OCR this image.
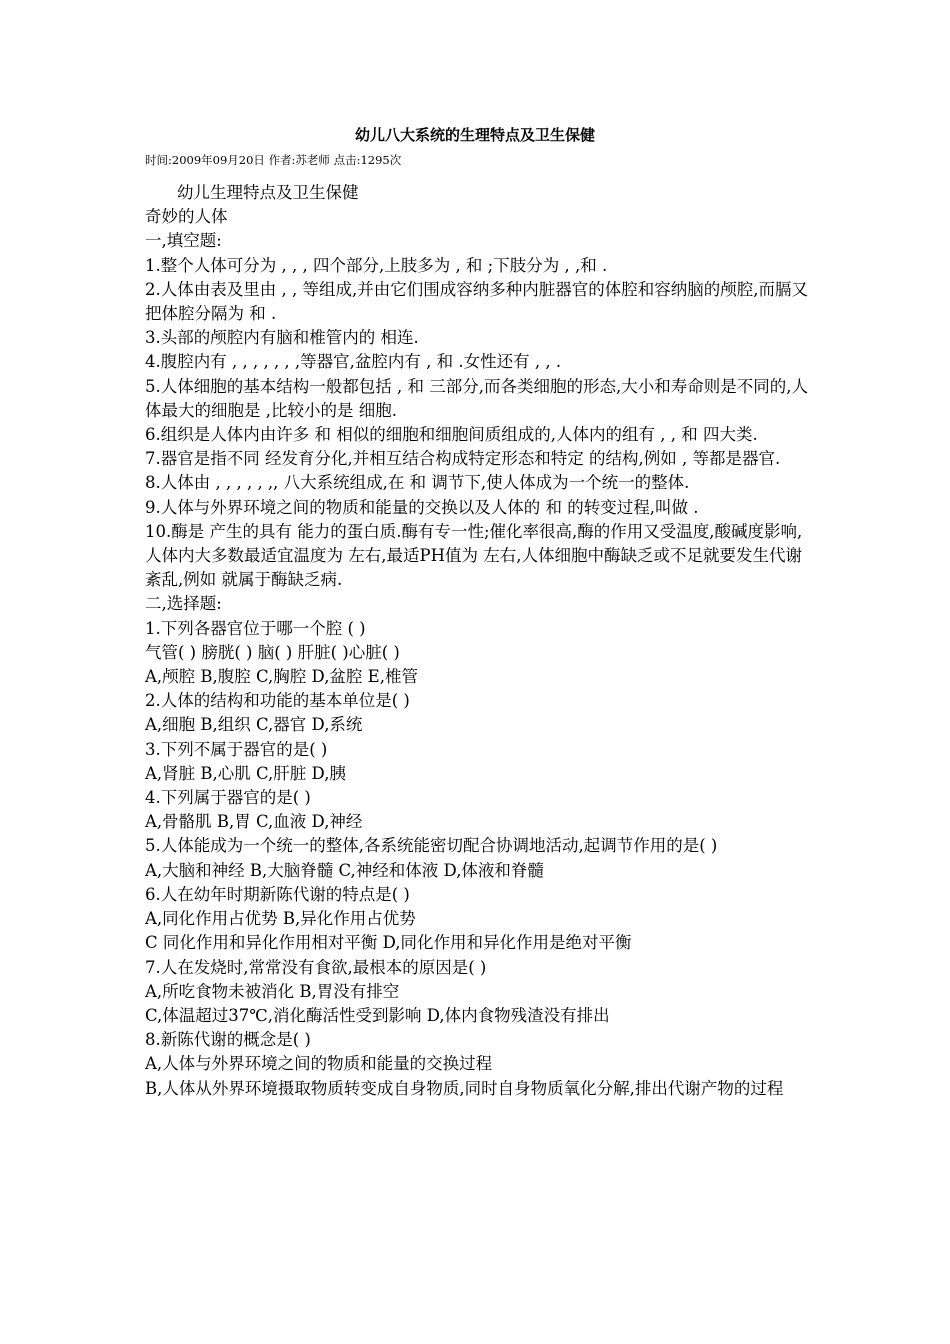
幼儿八大系统的生理特点及卫生保健
时间:2009年09月20日 作者:苏老师 点击:1295次
幼儿生理特点及卫生保健
奇妙的人体
一,填空题:
1.整个人体可分为 , , , 四个部分,上肢多为 , 和 ;下肢分为 , ,和 .
2.人体由表及里由 , , 等组成,并由它们围成容纳多种内脏器官的体腔和容纳脑的颅腔,而膈又把体腔分隔为 和 .
3.头部的颅腔内有脑和椎管内的 相连.
4.腹腔内有 , , , , , , ,等器官,盆腔内有 , 和 .女性还有 , , .
5.人体细胞的基本结构一般都包括 , 和 三部分,而各类细胞的形态,大小和寿命则是不同的,人体最大的细胞是 ,比较小的是 细胞.
6.组织是人体内由许多 和 相似的细胞和细胞间质组成的,人体内的组有 , , 和 四大类.
7.器官是指不同 经发育分化,并相互结合构成特定形态和特定 的结构,例如 , 等都是器官.
8.人体由 , , , , , ,, 八大系统组成,在 和 调节下,使人体成为一个统一的整体.
9.人体与外界环境之间的物质和能量的交换以及人体的 和 的转变过程,叫做 .
10.酶是 产生的具有 能力的蛋白质.酶有专一性;催化率很高,酶的作用又受温度,酸碱度影响,人体内大多数最适宜温度为 左右,最适PH值为 左右,人体细胞中酶缺乏或不足就要发生代谢紊乱,例如 就属于酶缺乏病.
二,选择题:
1.下列各器官位于哪一个腔 ( )
气管( ) 膀胱( ) 脑( ) 肝脏( )心脏( )
A,颅腔 B,腹腔 C,胸腔 D,盆腔 E,椎管
2.人体的结构和功能的基本单位是( )
A,细胞 B,组织 C,器官 D,系统
3.下列不属于器官的是( )
A,肾脏 B,心肌 C,肝脏 D,胰
4.下列属于器官的是( )
A,骨骼肌 B,胃 C,血液 D,神经
5.人体能成为一个统一的整体,各系统能密切配合协调地活动,起调节作用的是( )
A,大脑和神经 B,大脑脊髓 C,神经和体液 D,体液和脊髓
6.人在幼年时期新陈代谢的特点是( )
A,同化作用占优势 B,异化作用占优势
C 同化作用和异化作用相对平衡 D,同化作用和异化作用是绝对平衡
7.人在发烧时,常常没有食欲,最根本的原因是( )
A,所吃食物未被消化 B,胃没有排空
C,体温超过37℃,消化酶活性受到影响 D,体内食物残渣没有排出
8.新陈代谢的概念是( )
A,人体与外界环境之间的物质和能量的交换过程
B,人体从外界环境摄取物质转变成自身物质,同时自身物质氧化分解,排出代谢产物的过程
